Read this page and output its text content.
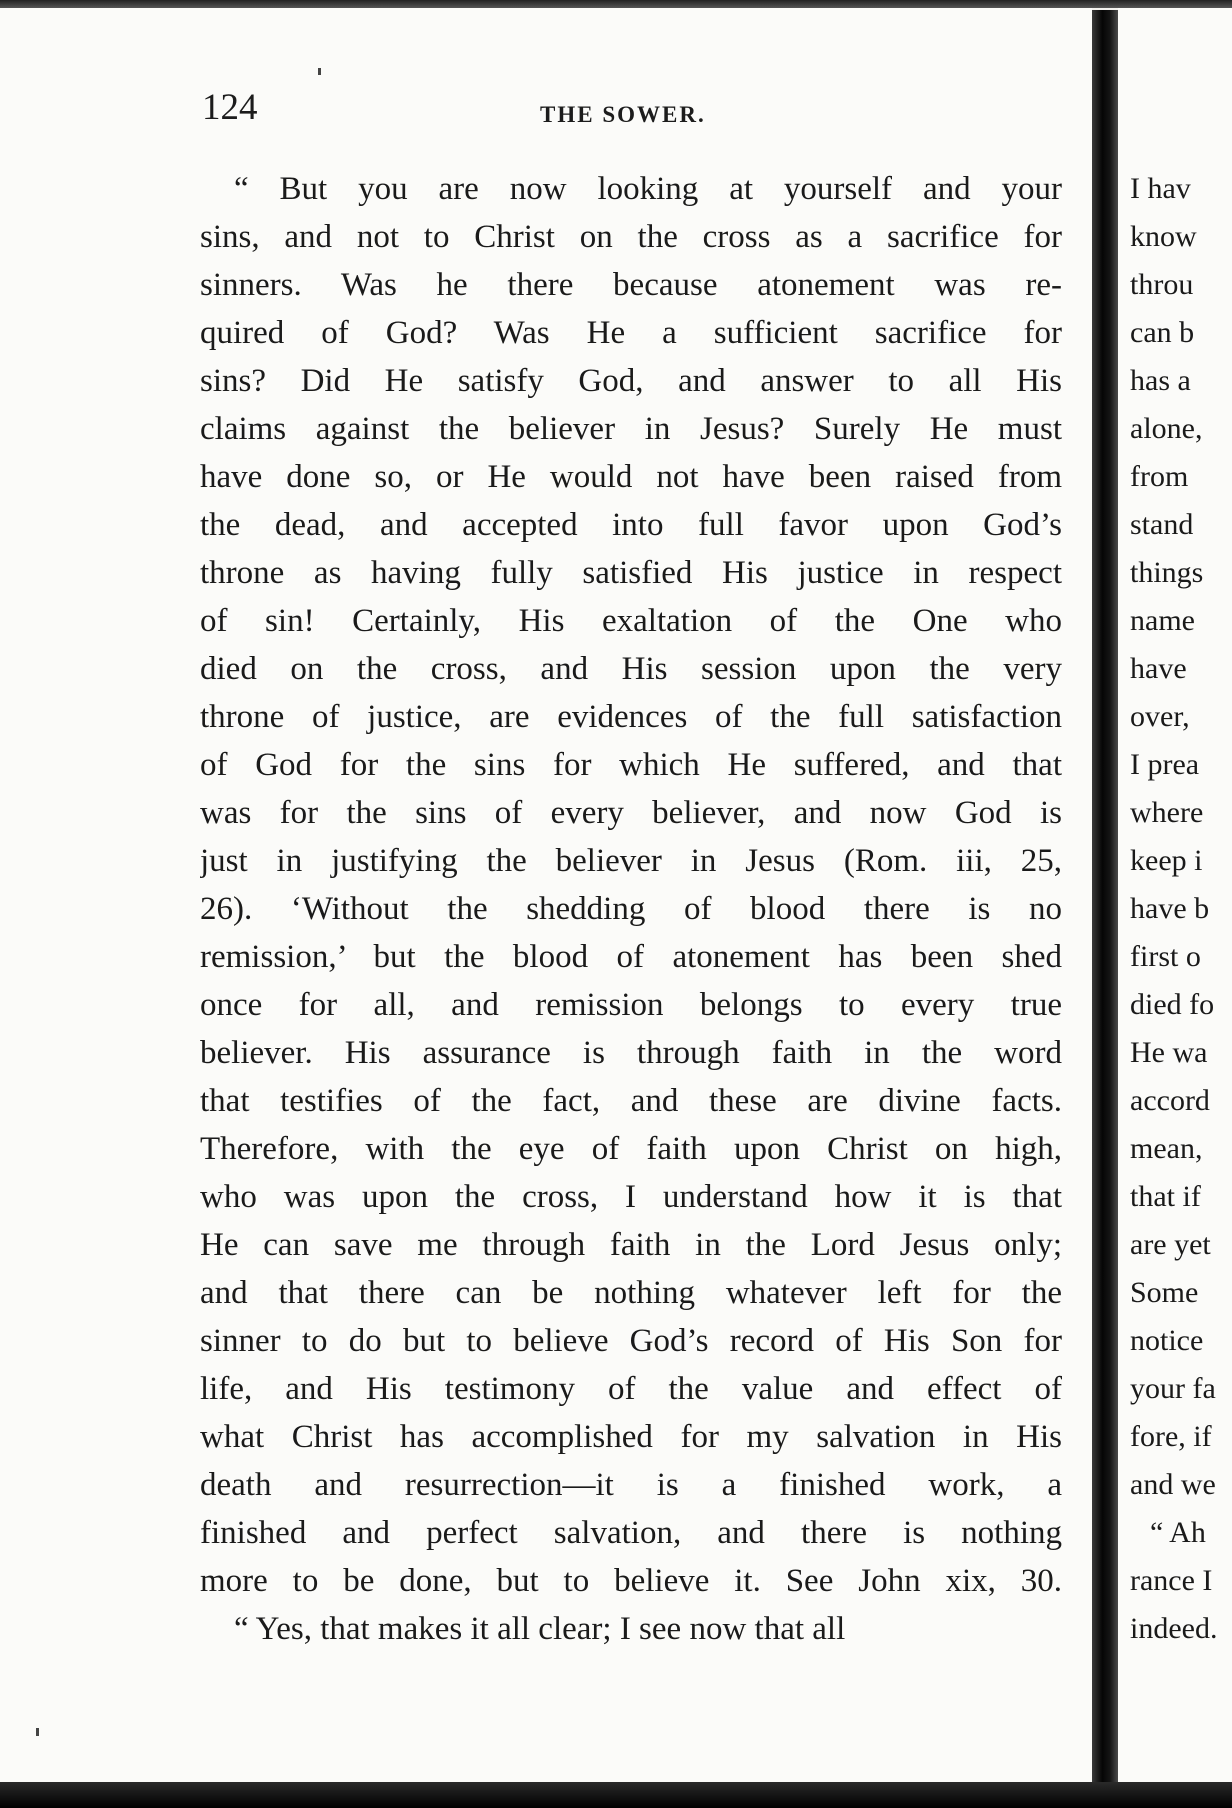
124	THE SOWER.
“ But you are now looking at yourself and your
sins, and not to Christ on the cross as a sacrifice for
sinners. Was he there because atonement was re-
quired of God? Was He a sufficient sacrifice for
sins? Did He satisfy God, and answer to all His
claims against the believer in Jesus? Surely He must
have done so, or He would not have been raised from
the dead, and accepted into full favor upon God’s
throne as having fully satisfied His justice in respect
of sin! Certainly, His exaltation of the One who
died on the cross, and His session upon the very
throne of justice, are evidences of the full satisfaction
of God for the sins for which He suffered, and that
was for the sins of every believer, and now God is
just in justifying the believer in Jesus (Rom. iii, 25,
26). ‘Without the shedding of blood there is no
remission,’ but the blood of atonement has been shed
once for all, and remission belongs to every true
believer. His assurance is through faith in the word
that testifies of the fact, and these are divine facts.
Therefore, with the eye of faith upon Christ on high,
who was upon the cross, I understand how it is that
He can save me through faith in the Lord Jesus only;
and that there can be nothing whatever left for the
sinner to do but to believe God’s record of His Son for
life, and His testimony of the value and effect of
what Christ has accomplished for my salvation in His
death and resurrection—it is a finished work, a
finished and perfect salvation, and there is nothing
more to be done, but to believe it. See John xix, 30.
“ Yes, that makes it all clear; I see now that all
I hav
know
throu
can b
has a
alone,
from
stand
things
name
have
over,
I prea
where
keep i
have b
first o
died fo
He wa
accord
mean,
that if
are yet
Some
notice
your fa
fore, if
and we
“ Ah
rance I
indeed.
